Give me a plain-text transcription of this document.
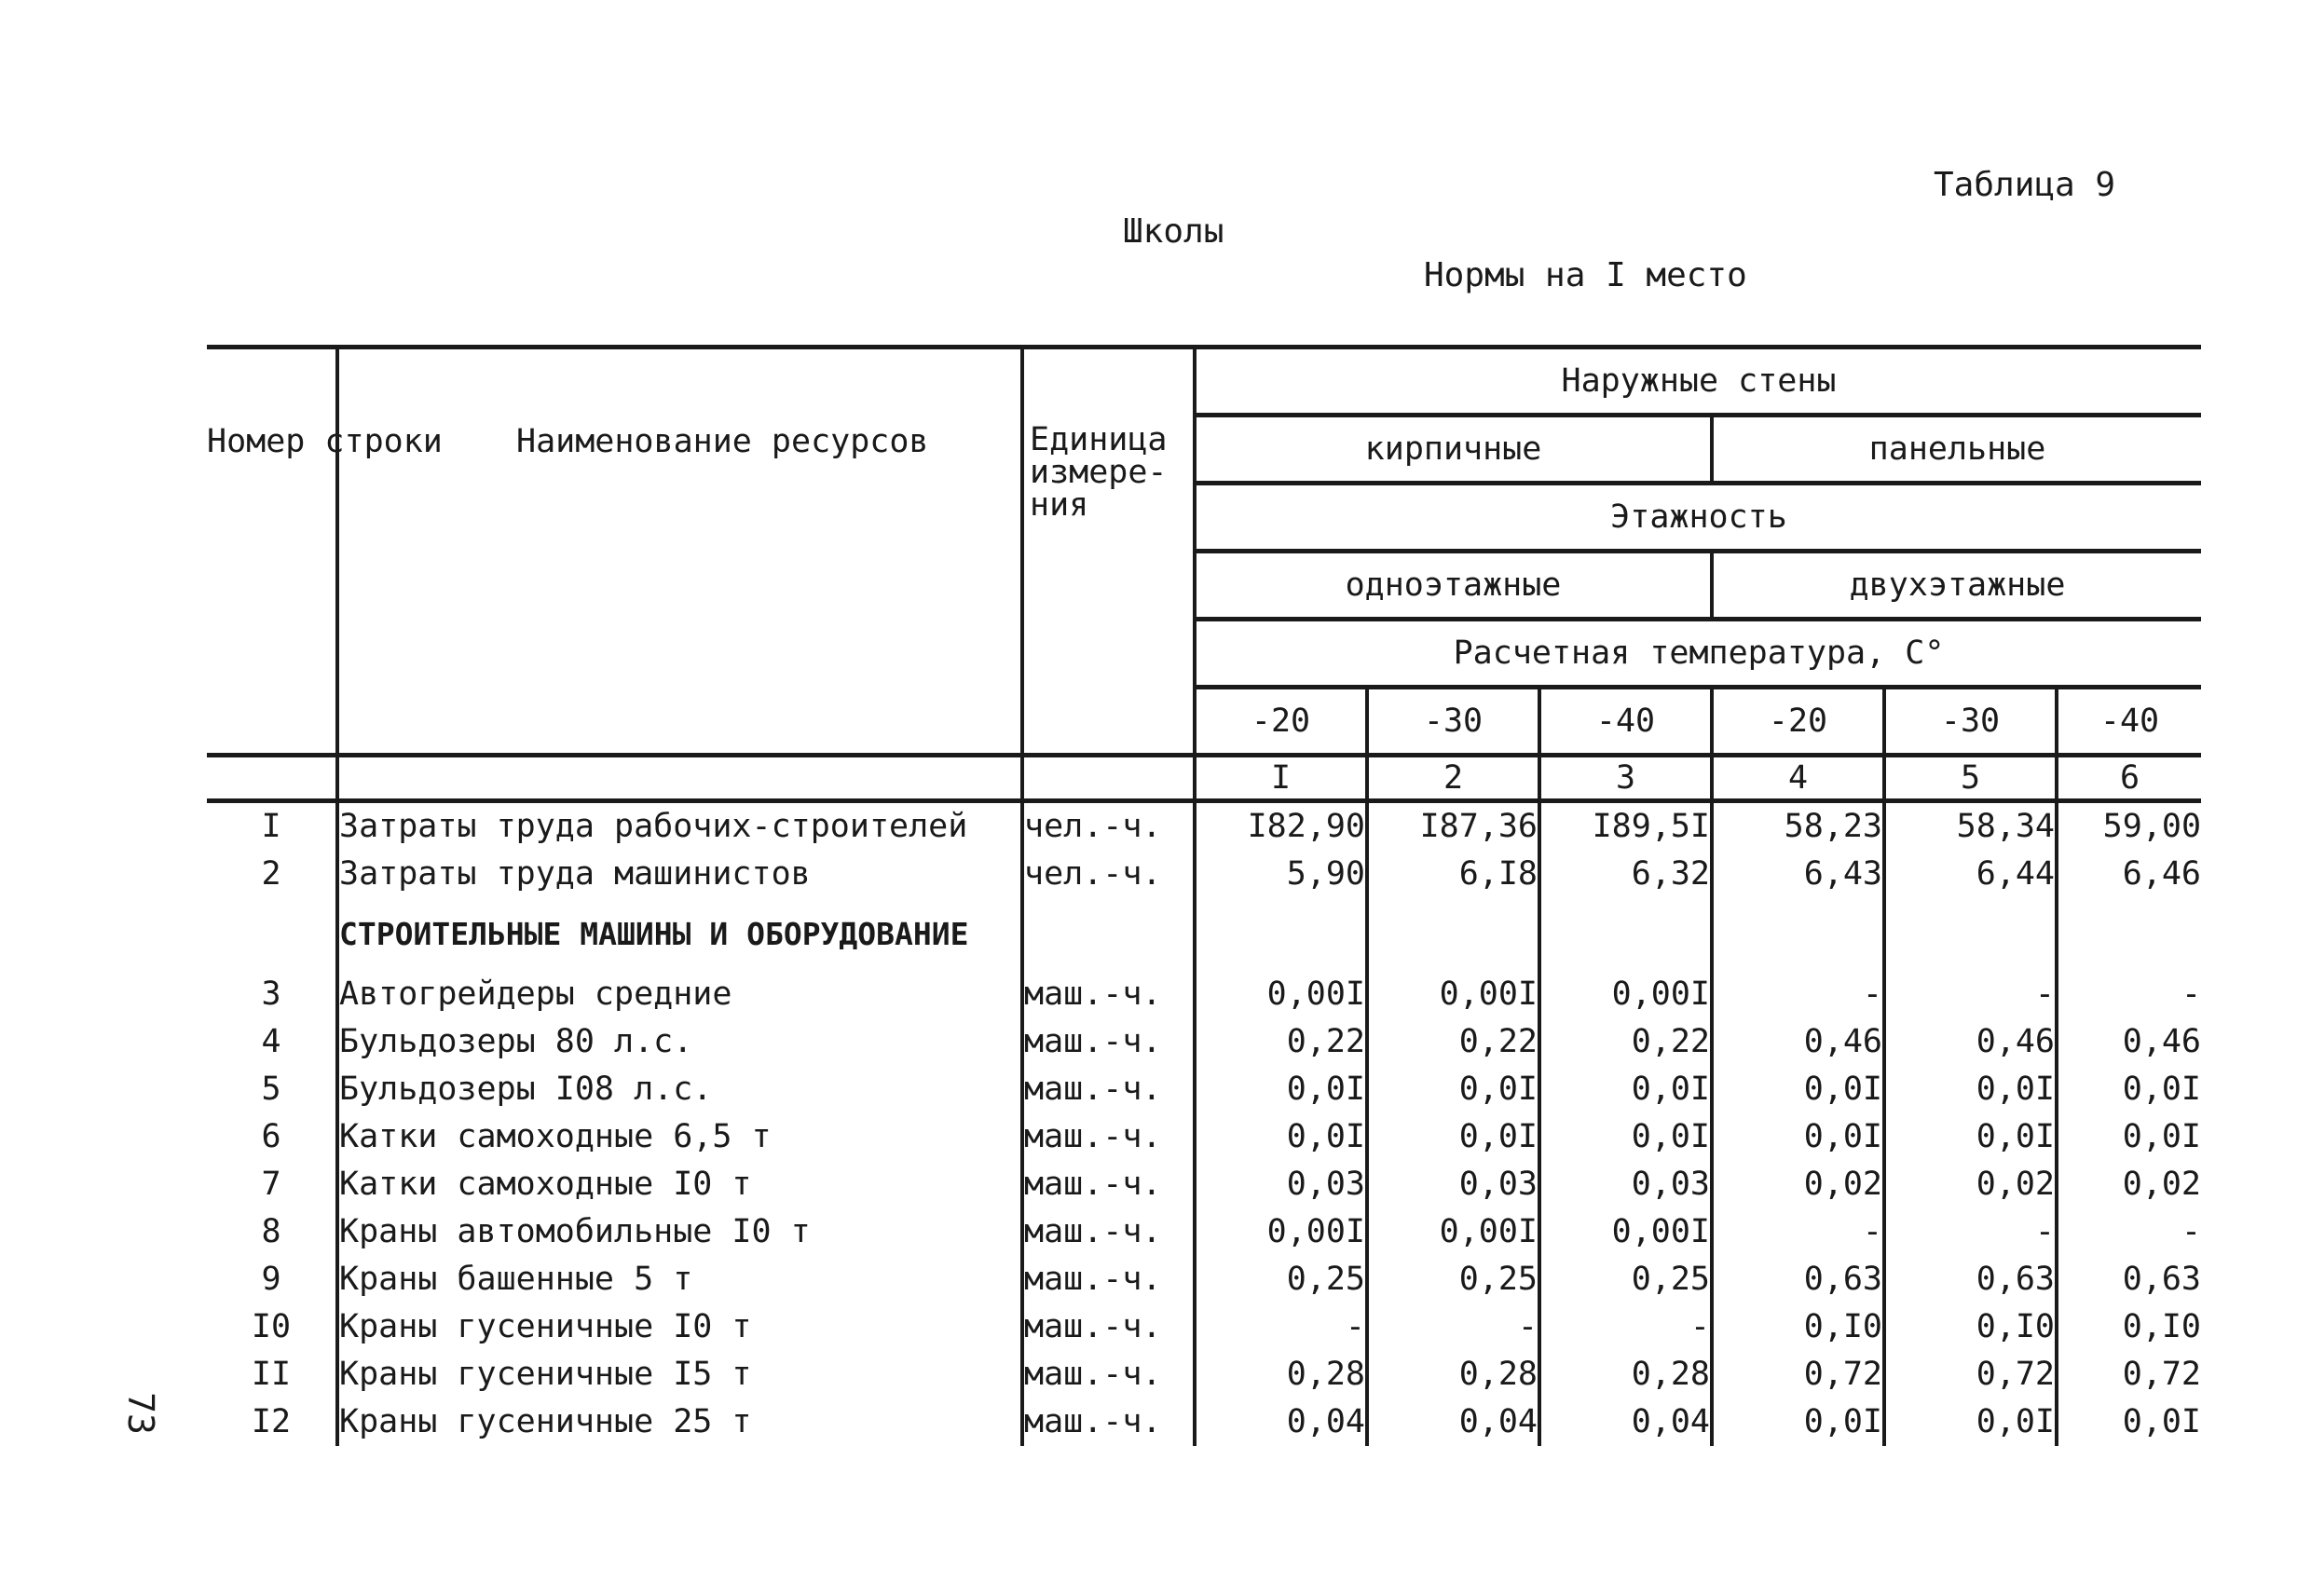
Таблица 9
Школы
Нормы на I место
73
Номер строки	Наименование ресурсов	Единица измере-ния	Наружные стены					
			кирпичные			панельные		
			Этажность					
			одноэтажные			двухэтажные		
			Расчетная температура, С°					
			-20	-30	-40	-20	-30	-40
			I	2	3	4	5	6
I	Затраты труда рабочих-строителей	чел.-ч.	I82,90	I87,36	I89,5I	58,23	58,34	59,00
2	Затраты труда машинистов	чел.-ч.	5,90	6,I8	6,32	6,43	6,44	6,46
	СТРОИТЕЛЬНЫЕ МАШИНЫ И ОБОРУДОВАНИЕ							
3	Автогрейдеры средние	маш.-ч.	0,00I	0,00I	0,00I	-	-	-
4	Бульдозеры 80 л.с.	маш.-ч.	0,22	0,22	0,22	0,46	0,46	0,46
5	Бульдозеры I08 л.с.	маш.-ч.	0,0I	0,0I	0,0I	0,0I	0,0I	0,0I
6	Катки самоходные 6,5 т	маш.-ч.	0,0I	0,0I	0,0I	0,0I	0,0I	0,0I
7	Катки самоходные I0 т	маш.-ч.	0,03	0,03	0,03	0,02	0,02	0,02
8	Краны автомобильные I0 т	маш.-ч.	0,00I	0,00I	0,00I	-	-	-
9	Краны башенные 5 т	маш.-ч.	0,25	0,25	0,25	0,63	0,63	0,63
I0	Краны гусеничные I0 т	маш.-ч.	-	-	-	0,I0	0,I0	0,I0
II	Краны гусеничные I5 т	маш.-ч.	0,28	0,28	0,28	0,72	0,72	0,72
I2	Краны гусеничные 25 т	маш.-ч.	0,04	0,04	0,04	0,0I	0,0I	0,0I
